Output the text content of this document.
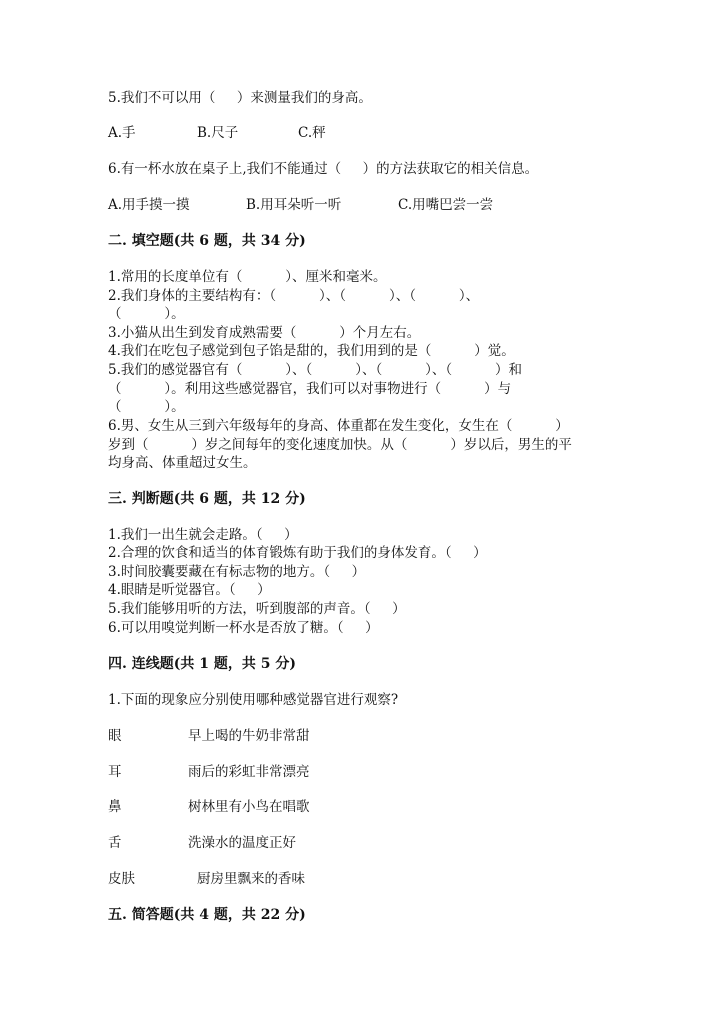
5.我们不可以用（     ）来测量我们的身高。
A.手	B.尺子	C.秤
6.有一杯水放在桌子上,我们不能通过（     ）的方法获取它的相关信息。
A.用手摸一摸	B.用耳朵听一听	C.用嘴巴尝一尝
二. 填空题(共 6 题，共 34 分)
1.常用的长度单位有（          ）、厘米和毫米。
2.我们身体的主要结构有：（          ）、（          ）、（          ）、
（          ）。
3.小猫从出生到发育成熟需要（          ）个月左右。
4.我们在吃包子感觉到包子馅是甜的，我们用到的是（          ）觉。
5.我们的感觉器官有（          ）、（          ）、（          ）、（          ）和
（          ）。利用这些感觉器官，我们可以对事物进行（          ）与
（          ）。
6.男、女生从三到六年级每年的身高、体重都在发生变化，女生在（          ）
岁到（          ）岁之间每年的变化速度加快。从（          ）岁以后，男生的平
均身高、体重超过女生。
三. 判断题(共 6 题，共 12 分)
1.我们一出生就会走路。（     ）
2.合理的饮食和适当的体育锻炼有助于我们的身体发育。（     ）
3.时间胶囊要藏在有标志物的地方。（     ）
4.眼睛是听觉器官。（     ）
5.我们能够用听的方法，听到腹部的声音。（     ）
6.可以用嗅觉判断一杯水是否放了糖。（     ）
四. 连线题(共 1 题，共 5 分)
1.下面的现象应分别使用哪种感觉器官进行观察?
眼	早上喝的牛奶非常甜
耳	雨后的彩虹非常漂亮
鼻	树林里有小鸟在唱歌
舌	洗澡水的温度正好
皮肤	厨房里飘来的香味
五. 简答题(共 4 题，共 22 分)
